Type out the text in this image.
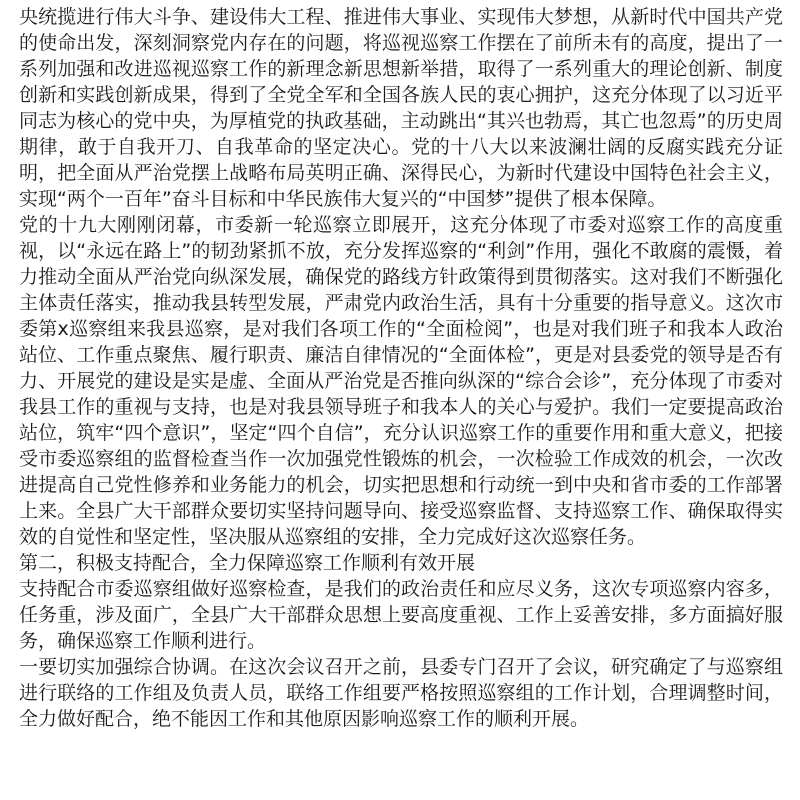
央统揽进行伟大斗争、建设伟大工程、推进伟大事业、实现伟大梦想，从新时代中国共产党的使命出发，深刻洞察党内存在的问题，将巡视巡察工作摆在了前所未有的高度，提出了一系列加强和改进巡视巡察工作的新理念新思想新举措，取得了一系列重大的理论创新、制度创新和实践创新成果，得到了全党全军和全国各族人民的衷心拥护，这充分体现了以习近平同志为核心的党中央，为厚植党的执政基础，主动跳出“其兴也勃焉，其亡也忽焉”的历史周期律，敢于自我开刀、自我革命的坚定决心。党的十八大以来波澜壮阔的反腐实践充分证明，把全面从严治党摆上战略布局英明正确、深得民心，为新时代建设中国特色社会主义，实现“两个一百年”奋斗目标和中华民族伟大复兴的“中国梦”提供了根本保障。

党的十九大刚刚闭幕，市委新一轮巡察立即展开，这充分体现了市委对巡察工作的高度重视，以“永远在路上”的韧劲紧抓不放，充分发挥巡察的“利剑”作用，强化不敢腐的震慑，着力推动全面从严治党向纵深发展，确保党的路线方针政策得到贯彻落实。这对我们不断强化主体责任落实，推动我县转型发展，严肃党内政治生活，具有十分重要的指导意义。这次市委第x巡察组来我县巡察，是对我们各项工作的“全面检阅”，也是对我们班子和我本人政治站位、工作重点聚焦、履行职责、廉洁自律情况的“全面体检”，更是对县委党的领导是否有力、开展党的建设是实是虚、全面从严治党是否推向纵深的“综合会诊”，充分体现了市委对我县工作的重视与支持，也是对我县领导班子和我本人的关心与爱护。我们一定要提高政治站位，筑牢“四个意识”，坚定“四个自信”，充分认识巡察工作的重要作用和重大意义，把接受市委巡察组的监督检查当作一次加强党性锻炼的机会，一次检验工作成效的机会，一次改进提高自己党性修养和业务能力的机会，切实把思想和行动统一到中央和省市委的工作部署上来。全县广大干部群众要切实坚持问题导向、接受巡察监督、支持巡察工作、确保取得实效的自觉性和坚定性，坚决服从巡察组的安排，全力完成好这次巡察任务。

第二，积极支持配合，全力保障巡察工作顺利有效开展

支持配合市委巡察组做好巡察检查，是我们的政治责任和应尽义务，这次专项巡察内容多，任务重，涉及面广，全县广大干部群众思想上要高度重视、工作上妥善安排，多方面搞好服务，确保巡察工作顺利进行。

一要切实加强综合协调。在这次会议召开之前，县委专门召开了会议，研究确定了与巡察组进行联络的工作组及负责人员，联络工作组要严格按照巡察组的工作计划，合理调整时间，全力做好配合，绝不能因工作和其他原因影响巡察工作的顺利开展。
